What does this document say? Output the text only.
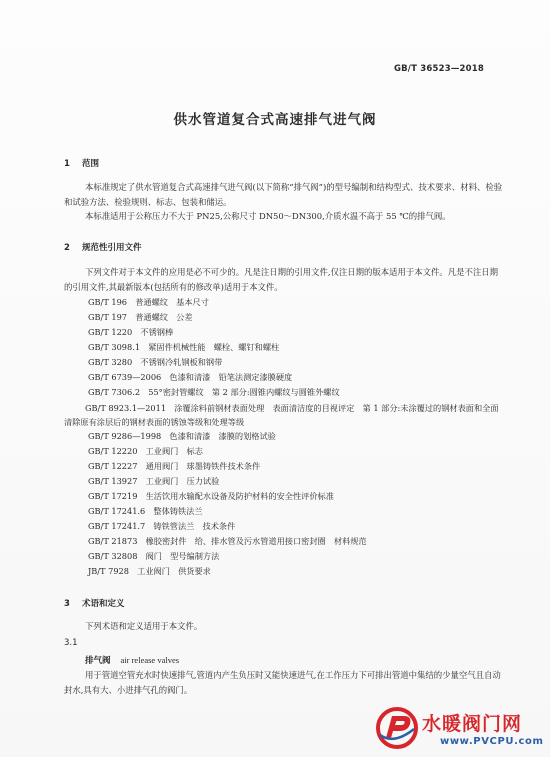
GB/T 36523—2018
供水管道复合式高速排气进气阀
1 范围
本标准规定了供水管道复合式高速排气进气阀(以下简称“排气阀”)的型号编制和结构型式、技术要求、材料、检验和试验方法、检验规则、标志、包装和储运。
本标准适用于公称压力不大于 PN25,公称尺寸 DN50～DN300,介质水温不高于 55 ℃的排气阀。
2 规范性引用文件
下列文件对于本文件的应用是必不可少的。凡是注日期的引用文件,仅注日期的版本适用于本文件。凡是不注日期的引用文件,其最新版本(包括所有的修改单)适用于本文件。
GB/T 196　普通螺纹　基本尺寸
GB/T 197　普通螺纹　公差
GB/T 1220　不锈钢棒
GB/T 3098.1　紧固件机械性能　螺栓、螺钉和螺柱
GB/T 3280　不锈钢冷轧钢板和钢带
GB/T 6739—2006　色漆和清漆　铅笔法测定漆膜硬度
GB/T 7306.2　55°密封管螺纹　第 2 部分:圆锥内螺纹与圆锥外螺纹
GB/T 8923.1—2011　涂覆涂料前钢材表面处理　表面清洁度的目视评定　第 1 部分:未涂覆过的钢材表面和全面清除原有涂层后的钢材表面的锈蚀等级和处理等级
GB/T 9286—1998　色漆和清漆　漆膜的划格试验
GB/T 12220　工业阀门　标志
GB/T 12227　通用阀门　球墨铸铁件技术条件
GB/T 13927　工业阀门　压力试验
GB/T 17219　生活饮用水输配水设备及防护材料的安全性评价标准
GB/T 17241.6　整体铸铁法兰
GB/T 17241.7　铸铁管法兰　技术条件
GB/T 21873　橡胶密封件　给、排水管及污水管道用接口密封圈　材料规范
GB/T 32808　阀门　型号编制方法
JB/T 7928　工业阀门　供货要求
3 术语和定义
下列术语和定义适用于本文件。
3.1
排气阀 air release valves
用于管道空管充水时快速排气,管道内产生负压时又能快速进气,在工作压力下可排出管道中集结的少量空气且自动封水,具有大、小进排气孔的阀门。
水暖阀门网
www.PVCPU.com
